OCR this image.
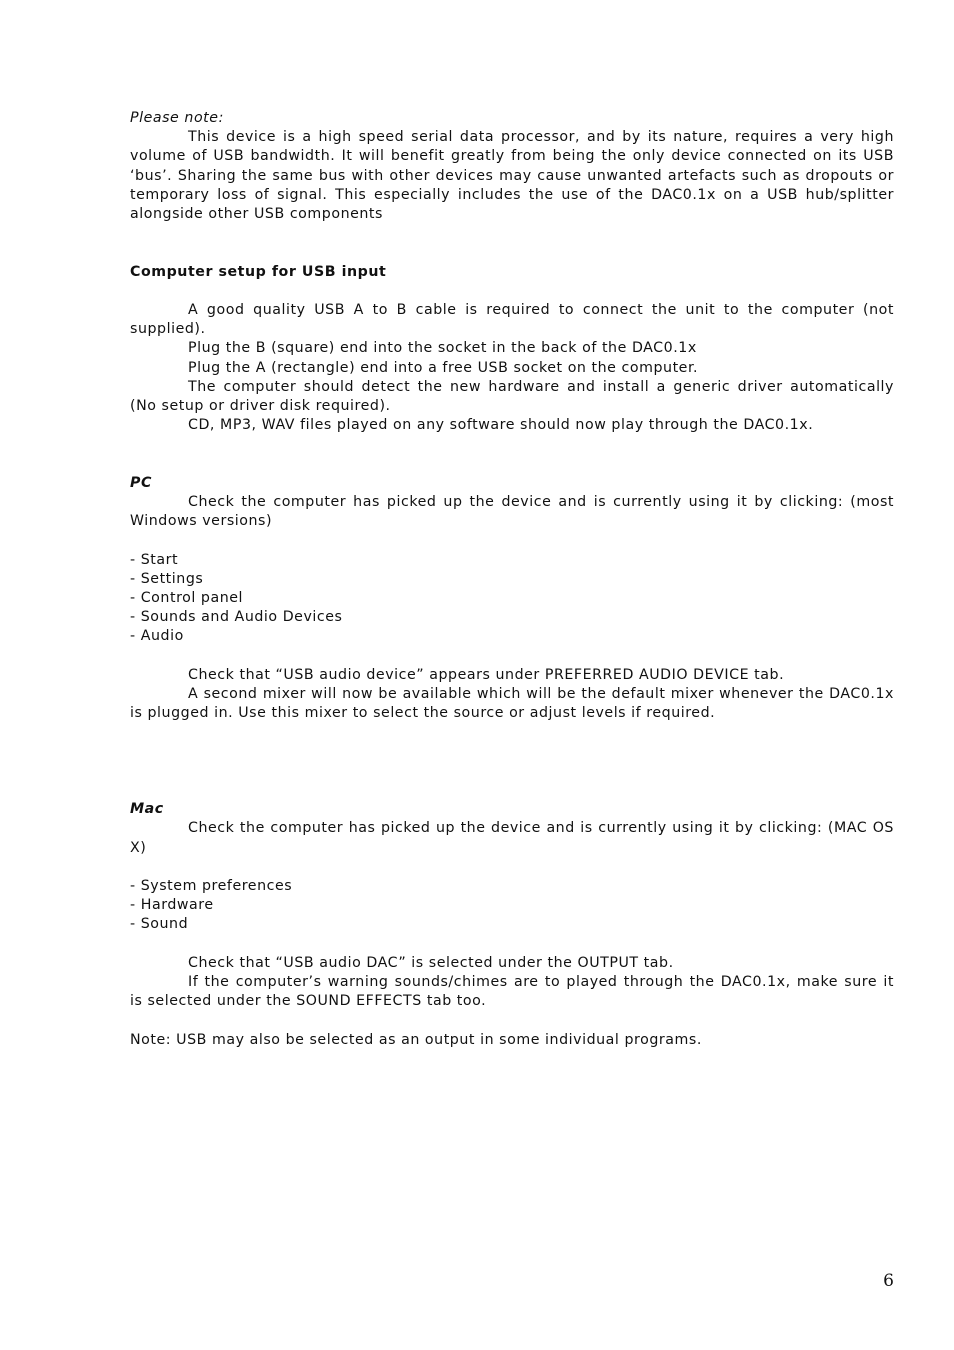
Please note:

This device is a high speed serial data processor, and by its nature, requires a very high volume of USB bandwidth. It will benefit greatly from being the only device connected on its USB ‘bus’. Sharing the same bus with other devices may cause unwanted artefacts such as dropouts or temporary loss of signal. This especially includes the use of the DAC0.1x on a USB hub/splitter alongside other USB components

Computer setup for USB input

A good quality USB A to B cable is required to connect the unit to the computer (not supplied).

Plug the B (square) end into the socket in the back of the DAC0.1x

Plug the A (rectangle) end into a free USB socket on the computer.

The computer should detect the new hardware and install a generic driver automatically (No setup or driver disk required).

CD, MP3, WAV files played on any software should now play through the DAC0.1x.

PC

Check the computer has picked up the device and is currently using it by clicking: (most Windows versions)

- Start
- Settings
- Control panel
- Sounds and Audio Devices
- Audio

Check that “USB audio device” appears under PREFERRED AUDIO DEVICE tab.

A second mixer will now be available which will be the default mixer whenever the DAC0.1x is plugged in. Use this mixer to select the source or adjust levels if required.

Mac

Check the computer has picked up the device and is currently using it by clicking: (MAC OS X)

- System preferences
- Hardware
- Sound

Check that “USB audio DAC” is selected under the OUTPUT tab.

If the computer’s warning sounds/chimes are to played through the DAC0.1x, make sure it is selected under the SOUND EFFECTS tab too.

Note: USB may also be selected as an output in some individual programs.

6
